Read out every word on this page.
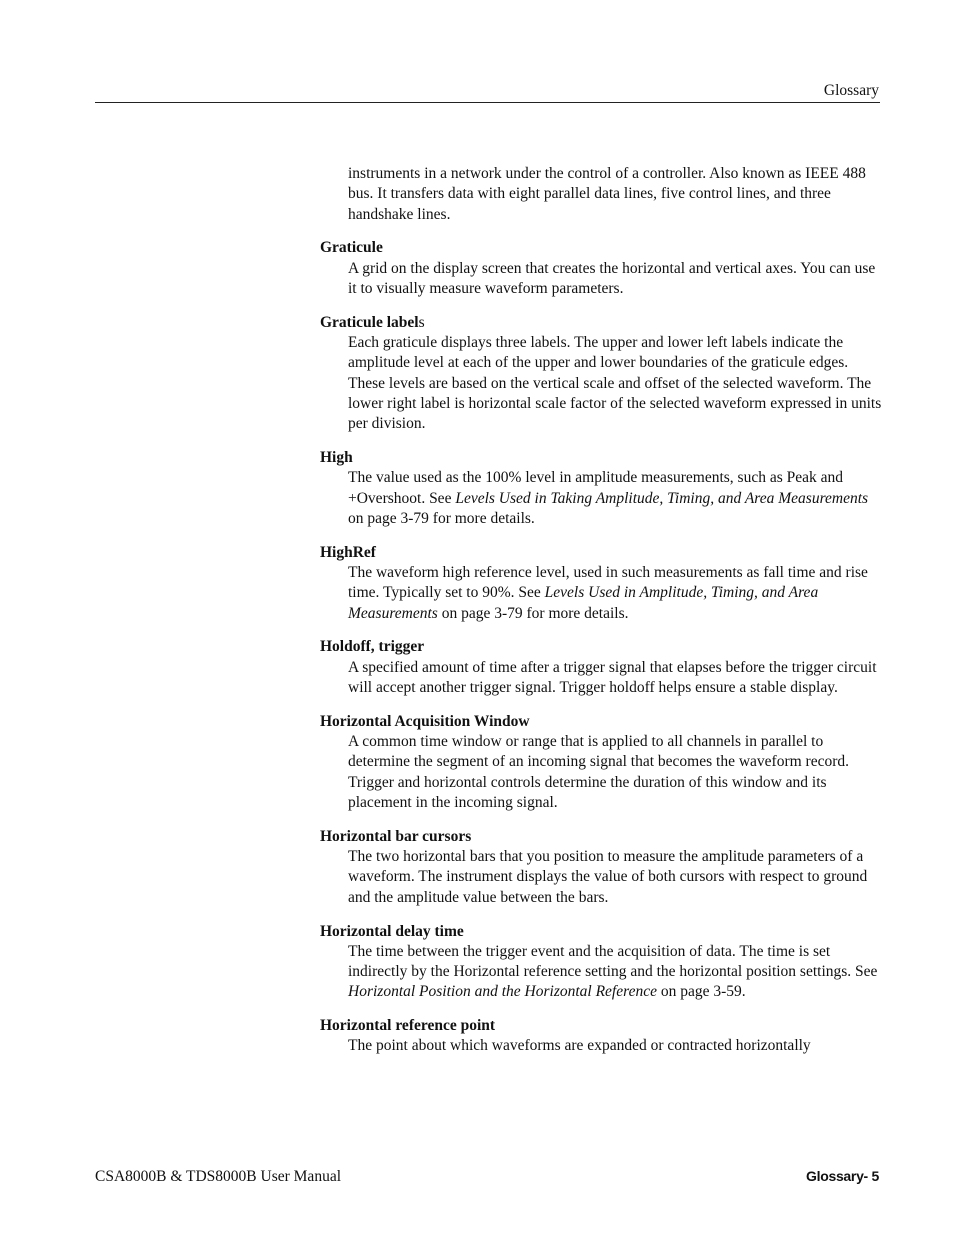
Glossary

instruments in a network under the control of a controller. Also known as IEEE 488 bus. It transfers data with eight parallel data lines, five control lines, and three handshake lines.

Graticule
A grid on the display screen that creates the horizontal and vertical axes. You can use it to visually measure waveform parameters.
Graticule labels
Each graticule displays three labels. The upper and lower left labels indicate the amplitude level at each of the upper and lower boundaries of the graticule edges. These levels are based on the vertical scale and offset of the selected waveform. The lower right label is horizontal scale factor of the selected waveform expressed in units per division.
High
The value used as the 100% level in amplitude measurements, such as Peak and +Overshoot. See Levels Used in Taking Amplitude, Timing, and Area Measurements on page 3-79 for more details.
HighRef
The waveform high reference level, used in such measurements as fall time and rise time. Typically set to 90%. See Levels Used in Amplitude, Timing, and Area Measurements on page 3-79 for more details.
Holdoff, trigger
A specified amount of time after a trigger signal that elapses before the trigger circuit will accept another trigger signal. Trigger holdoff helps ensure a stable display.
Horizontal Acquisition Window
A common time window or range that is applied to all channels in parallel to determine the segment of an incoming signal that becomes the waveform record. Trigger and horizontal controls determine the duration of this window and its placement in the incoming signal.
Horizontal bar cursors
The two horizontal bars that you position to measure the amplitude parameters of a waveform. The instrument displays the value of both cursors with respect to ground and the amplitude value between the bars.
Horizontal delay time
The time between the trigger event and the acquisition of data. The time is set indirectly by the Horizontal reference setting and the horizontal position settings. See Horizontal Position and the Horizontal Reference on page 3-59.
Horizontal reference point
The point about which waveforms are expanded or contracted horizontally
CSA8000B & TDS8000B User Manual	Glossary- 5
